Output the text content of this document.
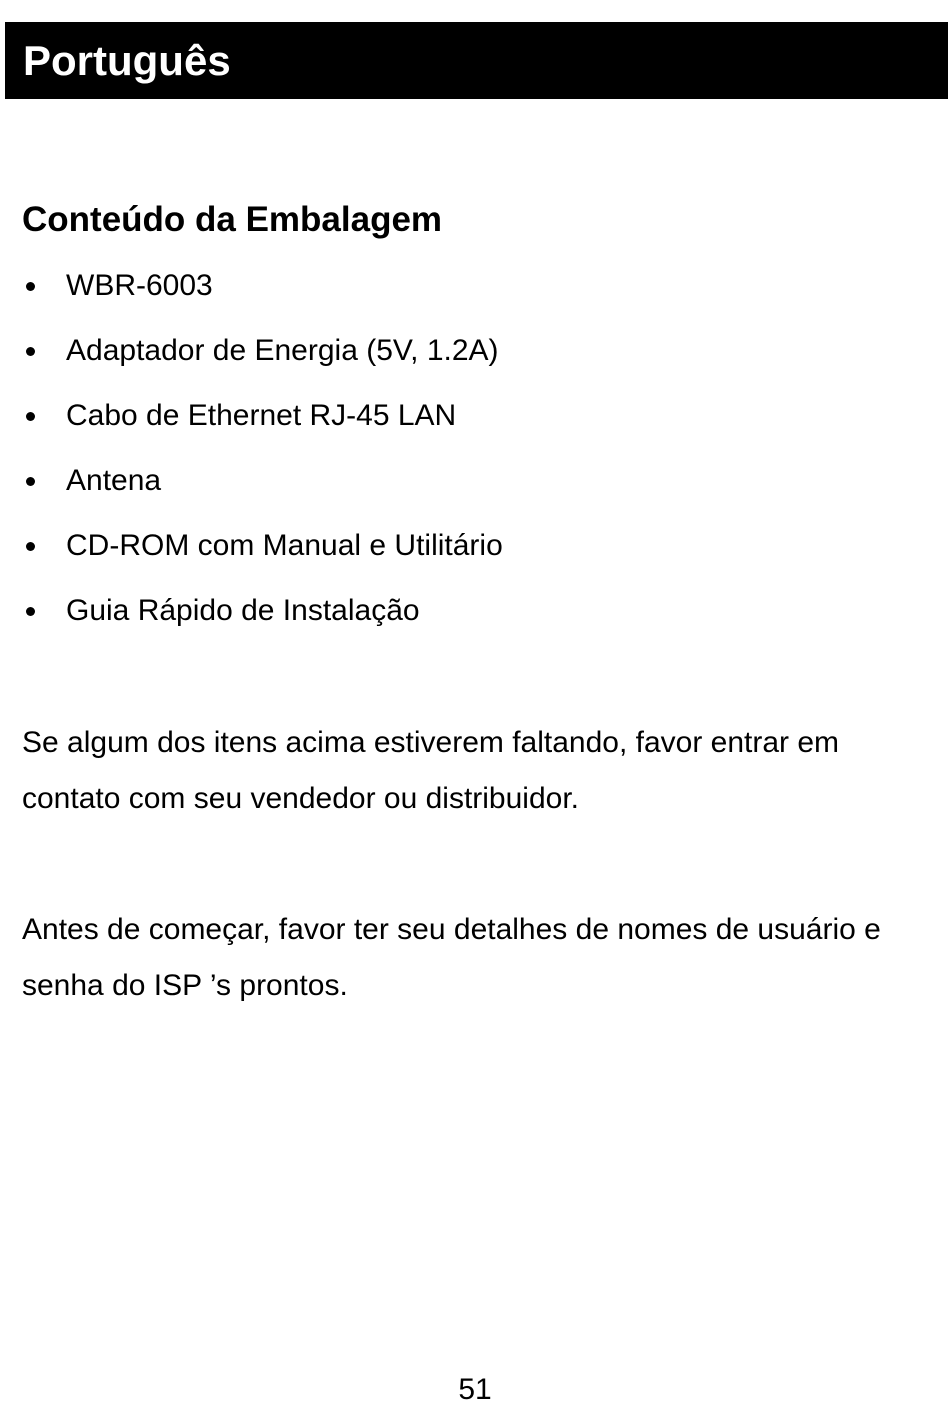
Português
Conteúdo da Embalagem
WBR-6003
Adaptador de Energia (5V, 1.2A)
Cabo de Ethernet RJ-45 LAN
Antena
CD-ROM com Manual e Utilitário
Guia Rápido de Instalação

Se algum dos itens acima estiverem faltando, favor entrar em contato com seu vendedor ou distribuidor.

Antes de começar, favor ter seu detalhes de nomes de usuário e senha do ISP ’s prontos.

51
